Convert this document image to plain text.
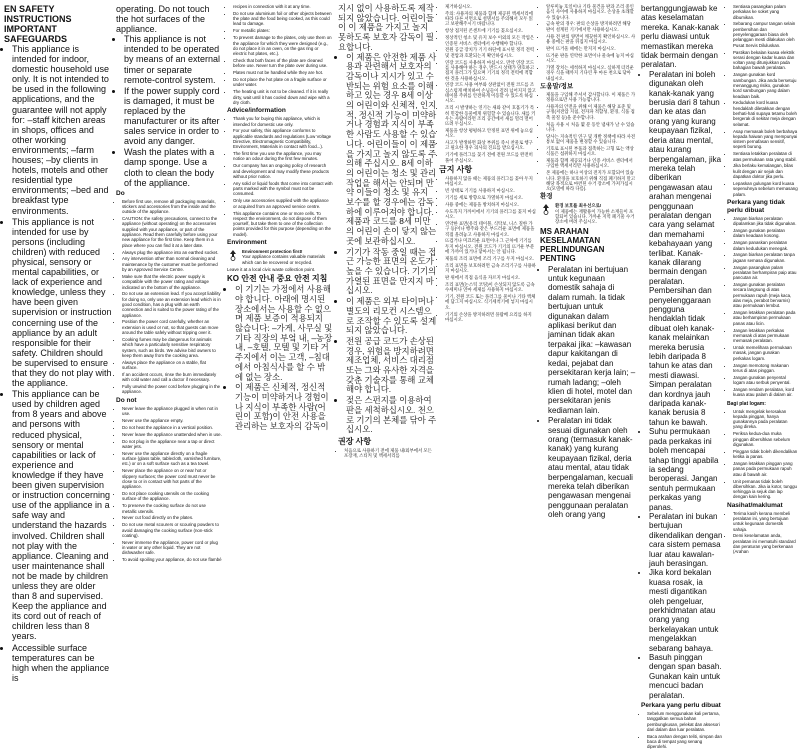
EN SAFETY INSTRUCTIONS IMPORTANT SAFEGUARDS
• This appliance is intended for indoor, domestic household use only. It is not intended to be used in the following applications, and the guarantee will not apply for: –staff kitchen areas in shops, offices and other working environments; –farm houses; –by clients in hotels, motels and other residential type environments; –bed and breakfast type environments.
• This appliance is not intended for use by persons (including children) with reduced physical, sensory or mental capabilities, or lack of experience and knowledge, unless they have been given supervision or instruction concerning use of the appliance by an adult responsible for their safety. Children should be supervised to ensure that they do not play with the appliance.
• This appliance can be used by children aged from 8 years and above and persons with reduced physical, sensory or mental capabilities or lack of experience and knowledge if they have been given supervision or instruction concerning use of the appliance in a safe way and understand the hazards involved. Children shall not play with the appliance. Cleaning and user maintenance shall not be made by children unless they are older than 8 and supervised. Keep the appliance and its cord out of reach of children less than 8 years.
• Accessible surface temperatures can be high when the appliance is

operating. Do not touch the hot surfaces of the appliance.

• This appliance is not intended to be operated by means of an external timer or separate remote-control system.
• If the power supply cord is damaged, it must be replaced by the manufacturer or its after sales service in order to avoid any danger.
• Wash the plates with a damp sponge. Use a cloth to clean the body of the appliance.
Do
• Before first use, remove all packaging materials, stickers and accessories from the inside and the outside of the appliance.
• CAUTION: the safety precautions, connect to the appliance (without operating) on the accessories supplied with your appliance, or part of the appliance. Read them carefully before using your new appliance for the first time. Keep them in a place where you can find it at a later date.
• Always plug the appliance into an earthed socket.
• Any intervention other than normal cleaning and maintenance by the customer must be performed by an Approved Service Centre.
• Make sure that the electric power supply is compatible with the power rating and voltage indicated on the bottom of the appliance.
• Do not use an extension lead. If you accept liability for doing so, only use an extension lead which is in good condition, has a plug with an earth connection and is suited to the power rating of the appliance.
• Position the power cord carefully, whether an extension is used or not, so that guests can move around the table safely without tripping over it.
• Cooking fumes may be dangerous for animals which have a particularly sensitive respiratory system, such as birds. We advise bird owners to keep them away from the cooking area.
• Always place the appliance on a stable, flat surface.
• If an accident occurs, rinse the burn immediately with cold water and call a doctor if necessary.
• Fully unwind the power cord before plugging in the appliance.
Do not
• Never leave the appliance plugged in when not in use.
• Never use the appliance empty.
• Do not heat the appliance in a vertical position.
• Never leave the appliance unattended when in use.
• Do not plug in the appliance near a tap or direct water jets.
• Never use the appliance directly on a fragile surface (glass table, tablecloth, varnished furniture, etc.) or on a soft surface such as a tea towel.
• Never place the appliance on or near hot or slippery surfaces; the power cord must never be close to or in contact with hot parts of the appliance.
• Do not place cooking utensils on the cooking surface of the appliance.
• To preserve the cooking surface do not use metallic utensils.
• Never cut food directly on the plates.
• Do not use metal scourers or scouring powders to avoid damaging the cooking surface (non-stick coating).
• Never immerse the appliance, power cord or plug in water or any other liquid. They are not dishwasher safe.
• To avoid spoiling your appliance, do not use flambé
• recipes in connection with it at any time.
• Do not use aluminium foil or other objects between the plate and the food being cooked, as this could lead to damage.
• For metallic plates:
• To prevent damage to the plates, only use them on the appliance for which they were designed (e.g., do not place it in an oven, on the gas ring or electric hot plates, etc.).
• Check that both faces of the plate are cleaned before use. Never turn the plate over during use.
• Plates must not be handled while they are hot.
• Do not place the hot plate on a fragile surface or under water.
• The heating unit is not to be cleaned. If it is really dirty, wait until it has cooled down and wipe with a dry cloth.
Advice/information
• Thank you for buying this appliance, which is intended for domestic use only.
• For your safety, this appliance conforms to applicable standards and regulations (Low Voltage Directive, Electromagnetic Compatibility, Environment, Materials in contact with food...).
• The first time you use the appliance, you may notice an odour during the first few minutes.
• Our company has an ongoing policy of research and development and may modify these products without prior notice.
• Any solid or liquid foods that come into contact with parts marked with the symbol must not be consumed.
• Only use accessories supplied with the appliance or acquired from an approved service centre.
• This appliance contains one or more cells. To respect the environment, do not dispose of them yourself, but take them to one of the collection points provided for this purpose (depending on the model).
Environment

Environment protection first!

Your appliance contains valuable materials which can be recovered or recycled.

Leave it at a local civic waste collection point.

KO 안전 안내 중요 안전 지침
• 이 기기는 가정에서 사용해야 합니다. 아래에 명시된 장소에서는 사용할 수 없으며 제품 보증이 적용되지 않습니다: –가게, 사무실 및 기타 직장의 부엌 내, –농장 내, –호텔, 모텔 및 기타 거주지에서 이는 고객, –침대에서 아침식사를 할 수 밖에 없는 장소.
• 이 제품은 신체적, 정신적 기능이 미약하거나 경험이나 지식이 부족한 사람(어린이 포함)이 안전 사용을 관리하는 보호자의 감독이

지시 없이 사용하도록 제작되지 않았습니다. 어린이들이 이 제품을 가지고 놀지 못하도록 보호자 감독이 필요합니다.

• 이 제품은 안전한 제품 사용과 관련해서 보호자의 감독이나 지시가 있고 수반되는 위험 요소를 이해하고 있는 경우 8세 이상의 어린이와 신체적, 인지적, 정신적 기능이 미약하거나 경험과 지식이 부족한 사람도 사용할 수 있습니다. 어린이들이 이 제품을 가지고 놀지 않도록 주의해 주십시오. 8세 이하의 어린이는 청소 및 관리 작업을 해서는 안되며 만약 이들이 청소 및 유지 보수를 할 경우에는 감독 하에 이루어져야 합니다. 제품과 코드를 8세 미만의 어린이 손이 닿지 않는 곳에 보관하십시오.
• 기기가 작동 중일 때는 접근 가능한 표면의 온도가 높을 수 있습니다. 기기의 가열된 표면을 만지지 마십시오.
• 이 제품은 외부 타이머나 별도의 리모컨 시스템으로 조작할 수 있도록 설계되지 않았습니다.
• 전원 공급 코드가 손상된 경우, 위험을 방지하려면 제조업체, 서비스 대리점 또는 그와 유사한 자격을 갖춘 기술자를 통해 교체해야 합니다.
• 젖은 스펀지를 이용하여 판을 세척하십시오. 천으로 기기의 본체를 닦아 주십시오.
권장 사항
• 처음으로 사용하기 전에 제품 내/외부에서 모든 포장재, 스티커 및 액세서리를
• 제거하십시오.
• 주의: 사용자의 제품과 함께 제공된 액세서리에 따라 다른 서면으로 설명서를 주의해서 모두 읽고 보관해주시기 바랍니다.
• 항상 접지된 콘센트에 기기를 꽂으십시오.
• 정상적인 청소 및 유지 보수 이외의 모든 작업은 인증된 서비스 센터에서 수행해야 합니다.
• 전원 공급 장치가 기기 하단에 표시된 정격 전력 및 전압과 호환되는지 확인하십시오.
• 연장 코드를 사용하지 마십시오. 만약 연장 코드를 사용해야 하는 경우, 반드시 상태가 양호하고 접지 플러그가 있으며 기기의 정격 전력에 적합한 것을 사용하십시오.
• 연장 코드 사용 여부와 상관없이 전원 코드를 조심스럽게 배치하여 손님들이 걸려 넘어지지 않고 테이블 주위를 안전하게 이동할 수 있도록 하십시오.
• 조리 시 발생하는 연기는 새와 같이 호흡기가 특히 민감한 동물에게 위험할 수 있습니다. 새를 키우는 사람이라면 조리 공간에서 새를 멀리 떨어뜨려 두십시오.
• 제품을 항상 평평하고 안정된 표면 위에 놓으십시오.
• 사고가 발생하면 화상 부위를 즉시 찬물로 헹구고 필요한 경우 의사의 진료를 받으십시오.
• 기기에 플러그를 꽂기 전에 전원 코드를 완전히 풀어 주십시오.
금지 사항
• 사용하지 않을 때는 제품의 플러그를 꽂아 두지 마십시오.
• 빈 상태로 기기를 사용하지 마십시오.
• 기기를 세로 방향으로 가열하지 마십시오.
• 사용 중에는 제품을 방치하지 마십시오.
• 수도꼭지 가까이에서 기기의 플러그를 꽂지 마십시오.
• 연약한 표면(유리 테이블, 식탁보, 니스 칠한 가구 등)이나 행주와 같은 부드러운 표면에 제품을 직접 올려놓고 사용하지 마십시오.
• 뜨겁거나 미끄러운 표면이나 그 근처에 기기를 두지 마십시오. 전원 코드가 기기의 뜨거운 부분에 가까이 있거나 닿아서는 안 됩니다.
• 제품의 조리 표면에 조리 기구를 두지 마십시오.
• 조리 표면을 보호하려면 금속 조리기구를 사용하지 마십시오.
• 판 위에서 직접 음식을 자르지 마십시오.
• 조리 표면(논스틱 코팅)이 손상되지 않도록 금속 수세미나 연마 세제를 사용하지 마십시오.
• 기기, 전원 코드 또는 플러그를 물이나 기타 액체에 담그지 마십시오. 식기세척기에 넣지 마십시오.
• 기기의 손상을 방지하려면 플람베 요리를 하지 마십시오.
• 알루미늄 호일이나 기타 물건을 판과 조리 중인 음식 사이에 사용하지 마십시오. 손상을 초래할 수 있습니다.
• 금속 판의 경우: 판의 손상을 방지하려면 해당 판이 설계된 기기에서만 사용하십시오.
• 사용 전 판의 양면이 깨끗한지 확인하십시오. 사용 중에는 판을 뒤집지 마십시오.
• 판이 뜨거울 때에는 만지지 마십시오.
• 뜨거운 판을 연약한 표면이나 물속에 놓지 마십시오.
• 가열 장치는 세척하지 마십시오. 심하게 더러운 경우 식을 때까지 기다린 후 마른 천으로 닦아 내십시오.
도움말/정보
• 제품을 구입해 주셔서 감사합니다. 이 제품은 가정용으로만 사용 가능합니다.
• 사용자의 안전을 위해 이 제품은 해당 표준 및 규정(저전압 지침, 전자파 적합성, 환경, 식품 접촉 물질 등)을 준수합니다.
• 처음 사용 시 처음 몇 분 동안 냄새가 날 수 있습니다.
• 당사는 지속적인 연구 및 개발 정책에 따라 사전 통보 없이 제품을 변경할 수 있습니다.
• 기호로 표시된 부품과 접촉하는 고형 또는 액상 식품은 섭취하지 마십시오.
• 제품과 함께 제공되거나 인증 서비스 센터에서 구입한 액세서리만 사용하십시오.
• 본 제품에는 하나 이상의 전지가 포함되어 있습니다. 환경을 보호하기 위해 직접 폐기하지 말고 해당 목적으로 마련된 수거 장소에 가져가십시오(모델에 따라 다름).
환경

환경 보호를 최우선으로!

이 제품에는 재활용이 가능한 소재들이 포함되어 있습니다. 가까운 지역 폐기물 수거 장소에 버려 주십시오.

MS ARAHAN KESELAMATAN PERLINDUNGAN PENTING
• Peralatan ini bertujuan untuk kegunaan domestik sahaja di dalam rumah. Ia tidak bertujuan untuk digunakan dalam aplikasi berikut dan jaminan tidak akan terpakai jika: –kawasan dapur kakitangan di kedai, pejabat dan persekitaran kerja lain; –rumah ladang; –oleh klien di hotel, motel dan persekitaran jenis kediaman lain.
• Peralatan ini tidak sesuai digunakan oleh orang (termasuk kanak-kanak) yang kurang keupayaan fizikal, deria atau mental, atau tidak berpengalaman, kecuali mereka telah diberikan pengawasan mengenai penggunaan peralatan oleh orang yang

bertanggungjawab ke atas keselamatan mereka. Kanak-kanak perlu diawasi untuk memastikan mereka tidak bermain dengan peralatan.

• Peralatan ini boleh digunakan oleh kanak-kanak yang berusia dari 8 tahun dan ke atas dan orang yang kurang keupayaan fizikal, deria atau mental, atau kurang berpengalaman, jika mereka telah diberikan pengawasan atau arahan mengenai penggunaan peralatan dengan cara yang selamat dan memahami kebahayaan yang terlibat. Kanak-kanak dilarang bermain dengan peralatan. Pembersihan dan penyelenggaraan pengguna hendaklah tidak dibuat oleh kanak-kanak melainkan mereka berusia lebih daripada 8 tahun ke atas dan mesti diawasi. Simpan peralatan dan kordnya jauh daripada kanak-kanak berusia 8 tahun ke bawah.
• Suhu permukaan pada perkakas ini boleh mencapai tahap tinggi apabila ia sedang beroperasi. Jangan sentuh permukaan perkakas yang panas.
• Peralatan ini bukan bertujuan dikendalikan dengan cara sistem pemasa luar atau kawalan-jauh berasingan.
• Jika kord bekalan kuasa rosak, ia mesti digantikan oleh pengeluar, perkhidmatan atau orang yang berkelayakan untuk mengelakkan sebarang bahaya.
• Basuh pinggan dengan span basah. Gunakan kain untuk mencuci badan peralatan.
Perkara yang perlu dibuat
• Sebelum menggunakan kali pertama, tanggalkan semua bahan pembungkusan, pelekat dan aksesori dari dalam dan luar peralatan.
• Baca arahan dengan teliti, simpan dan baca di tempat yang senang diperolehi.
• Sentiasa pasangkan palam perkakas ke soket yang dibumikan.
• Sebarang campur tangan selain pembersihan dan penyelenggaraan biasa oleh pelanggan mesti dilakukan oleh Pusat Servis Diluluskan.
• Pastikan bekalan kuasa elektrik serasi dengan kadar kuasa dan voltan yang ditunjukkan pada bahagian bawah peralatan.
• Jangan gunakan kord sambungan. Jika anda bersetuju menanggung risiko, gunakan kord sambungan yang dalam keadaan baik.
• Kedudukan kord kuasa hendaklah diletakkan dengan berhati-hati supaya tetamu boleh bergerak di sekitar meja dengan selamat.
• Asap memasak boleh berbahaya kepada haiwan yang mempunyai sistem pernafasan sensitif, seperti burung.
• Sentiasa letakkan peralatan di atas permukaan rata yang stabil.
• Jika berlaku kemalangan, bilas kulit dengan air sejuk dan dapatkan doktor jika perlu.
• Lepaskan gulungan kord kuasa sepenuhnya sebelum memasang palam.
Perkara yang tidak perlu dibuat
• Jangan biarkan peralatan dipalamkan jika tidak digunakan.
• Jangan gunakan peralatan dalam keadaan kosong.
• Jangan panaskan peralatan dalam kedudukan menegak.
• Jangan biarkan peralatan tanpa jagaan semasa digunakan.
• Jangan pasangkan palam peralatan berhampiran paip atau pancutan air.
• Jangan gunakan peralatan secara langsung di atas permukaan rapuh (meja kaca, alas meja, perabot bervarnis) atau permukaan lembut.
• Jangan letakkan peralatan pada atau berhampiran permukaan panas atau licin.
• Jangan letakkan perkakas memasak di atas permukaan memasak peralatan.
• Untuk memelihara permukaan masak, jangan gunakan perkakas logam.
• Jangan memotong makanan terus di atas pinggan.
• Jangan gunakan penyental logam atau serbuk penyental.
• Jangan rendam peralatan, kord kuasa atau palam di dalam air.
Bagi plat logam:
• Untuk mengelak kerosakan kepada pinggan, hanya gunakannya pada peralatan yang direka.
• Periksa kedua-dua muka pinggan dibersihkan sebelum digunakan.
• Pinggan tidak boleh dikendalikan ketika ia panas.
• Jangan letakkan pinggan yang panas pada permukaan rapuh atau di bawah air.
• Unit pemanas tidak boleh dibersihkan. Jika ia kotor, tunggu sehingga ia sejuk dan lap dengan kain kering.
Nasihat/maklumat
• Terima kasih kerana membeli peralatan ini, yang bertujuan untuk kegunaan domestik sahaja.
• Demi keselamatan anda, peralatan ini mematuhi standard dan peraturan yang berkenaan (Arahan
